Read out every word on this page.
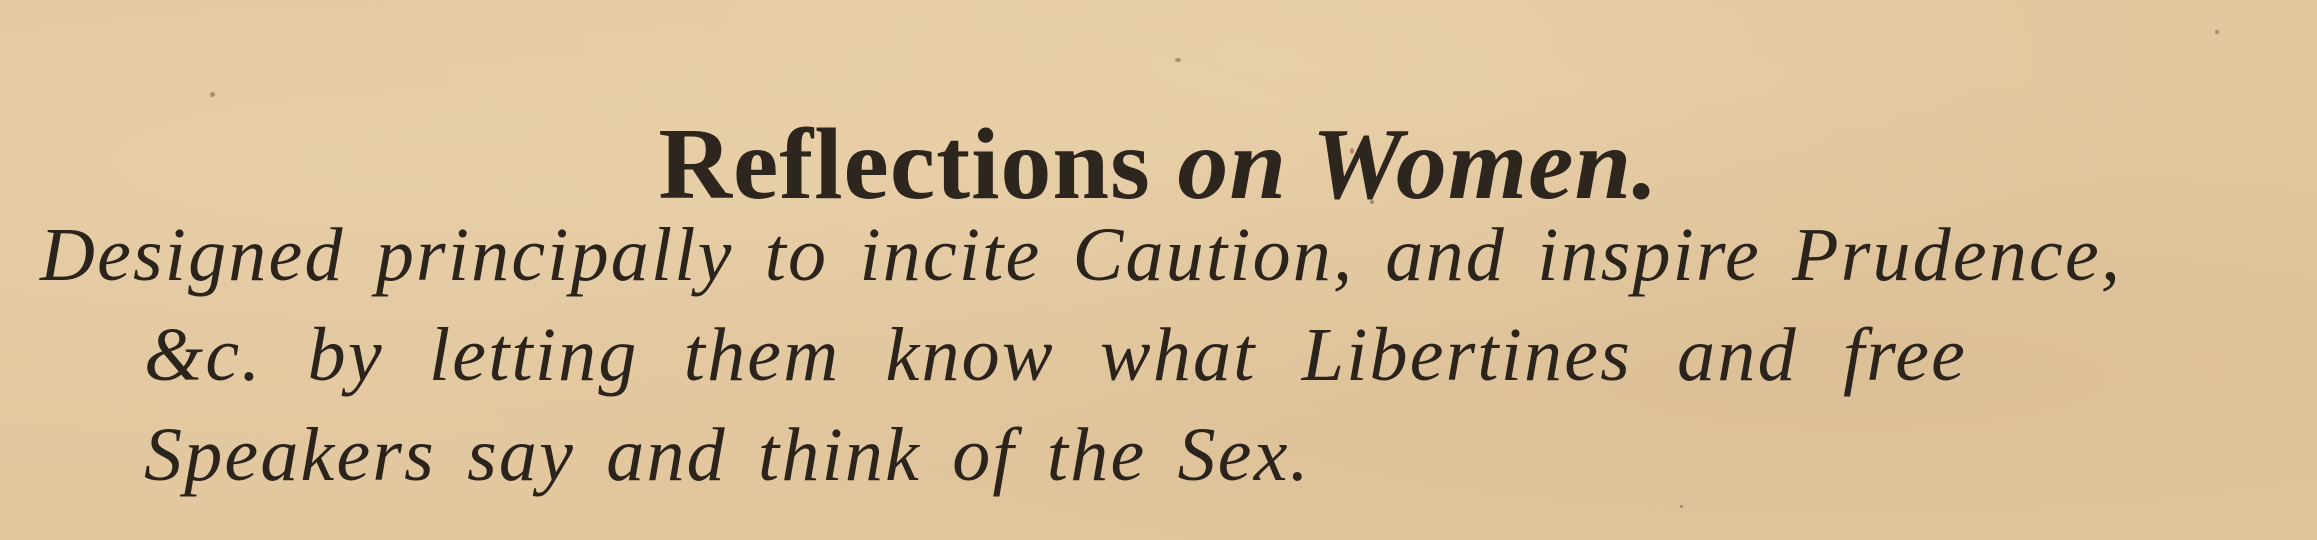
Reflections on Women.
Designed principally to incite Caution, and inspire Prudence,
&c. by letting them know what Libertines and free
Speakers say and think of the Sex.
